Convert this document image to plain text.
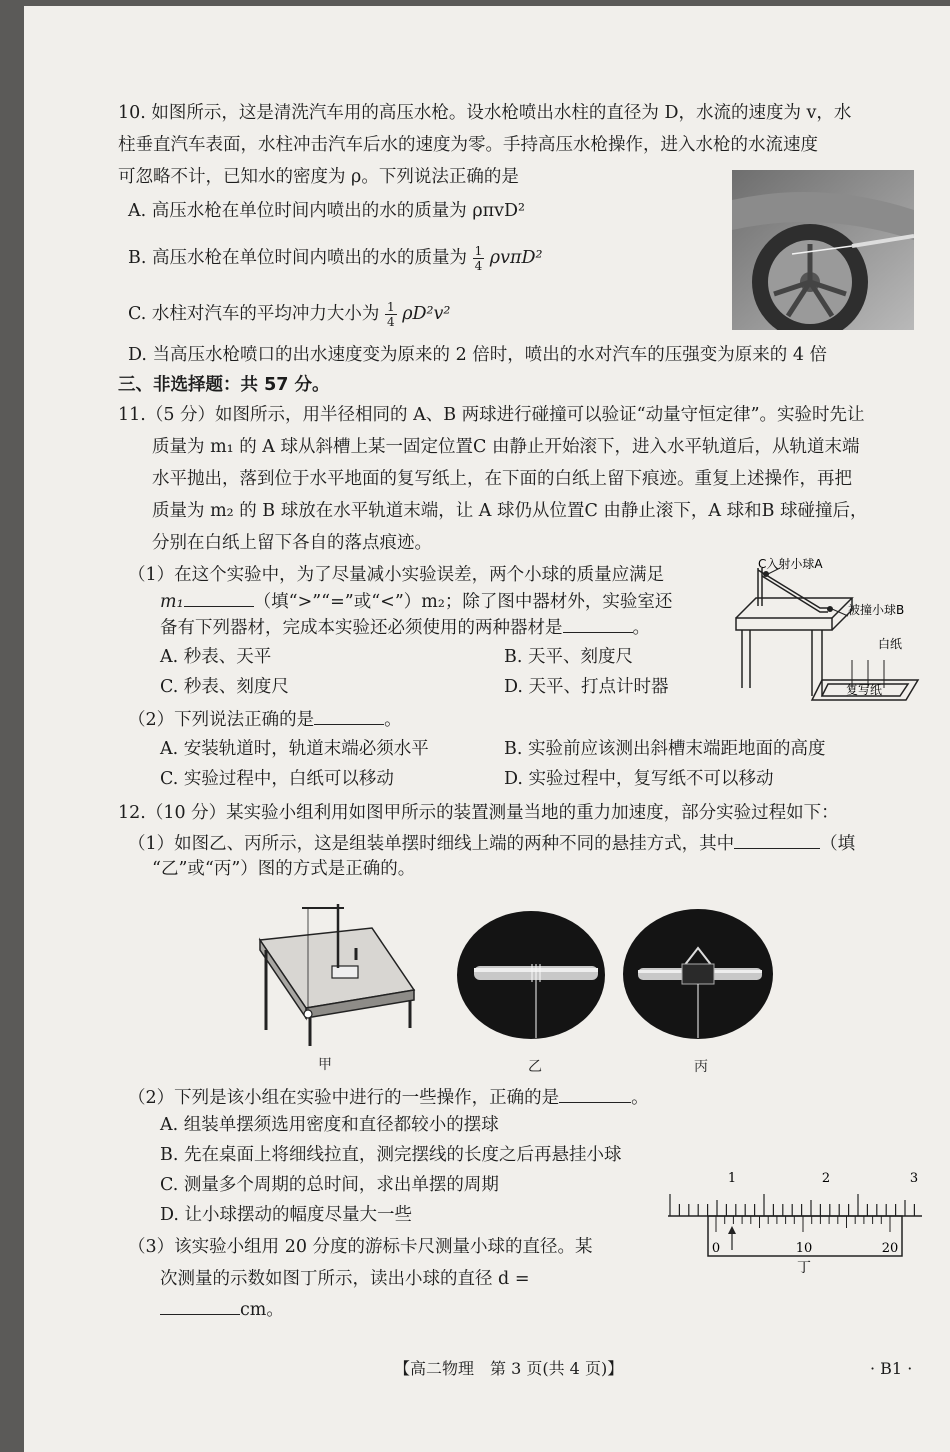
10. 如图所示，这是清洗汽车用的高压水枪。设水枪喷出水柱的直径为 D，水流的速度为 v，水
柱垂直汽车表面，水柱冲击汽车后水的速度为零。手持高压水枪操作，进入水枪的水流速度
可忽略不计，已知水的密度为 ρ。下列说法正确的是
A. 高压水枪在单位时间内喷出的水的质量为 ρπvD²
B. 高压水枪在单位时间内喷出的水的质量为 $\frac{1}{4} \rho v\pi D^2$
C. 水柱对汽车的平均冲力大小为 $\frac{1}{4} \rho D^2v^2$
D. 当高压水枪喷口的出水速度变为原来的 2 倍时，喷出的水对汽车的压强变为原来的 4 倍
三、非选择题：共 57 分。
11.（5 分）如图所示，用半径相同的 A、B 两球进行碰撞可以验证“动量守恒定律”。实验时先让
质量为 m₁ 的 A 球从斜槽上某一固定位置C 由静止开始滚下，进入水平轨道后，从轨道末端
水平抛出，落到位于水平地面的复写纸上，在下面的白纸上留下痕迹。重复上述操作，再把
质量为 m₂ 的 B 球放在水平轨道末端，让 A 球仍从位置C 由静止滚下，A 球和B 球碰撞后，
分别在白纸上留下各自的落点痕迹。
（1）在这个实验中，为了尽量减小实验误差，两个小球的质量应满足
m₁	（填“>”“=”或“<”）m₂；除了图中器材外，实验室还
备有下列器材，完成本实验还必须使用的两种器材是	。
A. 秒表、天平	B. 天平、刻度尺
C. 秒表、刻度尺	D. 天平、打点计时器
（2）下列说法正确的是	。
A. 安装轨道时，轨道末端必须水平	B. 实验前应该测出斜槽末端距地面的高度
C. 实验过程中，白纸可以移动	D. 实验过程中，复写纸不可以移动
C入射小球A
被撞小球B
白纸
复写纸
12.（10 分）某实验小组利用如图甲所示的装置测量当地的重力加速度，部分实验过程如下：
（1）如图乙、丙所示，这是组装单摆时细线上端的两种不同的悬挂方式，其中	（填
“乙”或“丙”）图的方式是正确的。
甲	乙	丙
（2）下列是该小组在实验中进行的一些操作，正确的是	。
A. 组装单摆须选用密度和直径都较小的摆球
B. 先在桌面上将细线拉直，测完摆线的长度之后再悬挂小球
C. 测量多个周期的总时间，求出单摆的周期
D. 让小球摆动的幅度尽量大一些
（3）该实验小组用 20 分度的游标卡尺测量小球的直径。某
次测量的示数如图丁所示，读出小球的直径 d =
cm。
1	2	3
0	10	20
丁
【高二物理　第 3 页(共 4 页)】	· B1 ·
